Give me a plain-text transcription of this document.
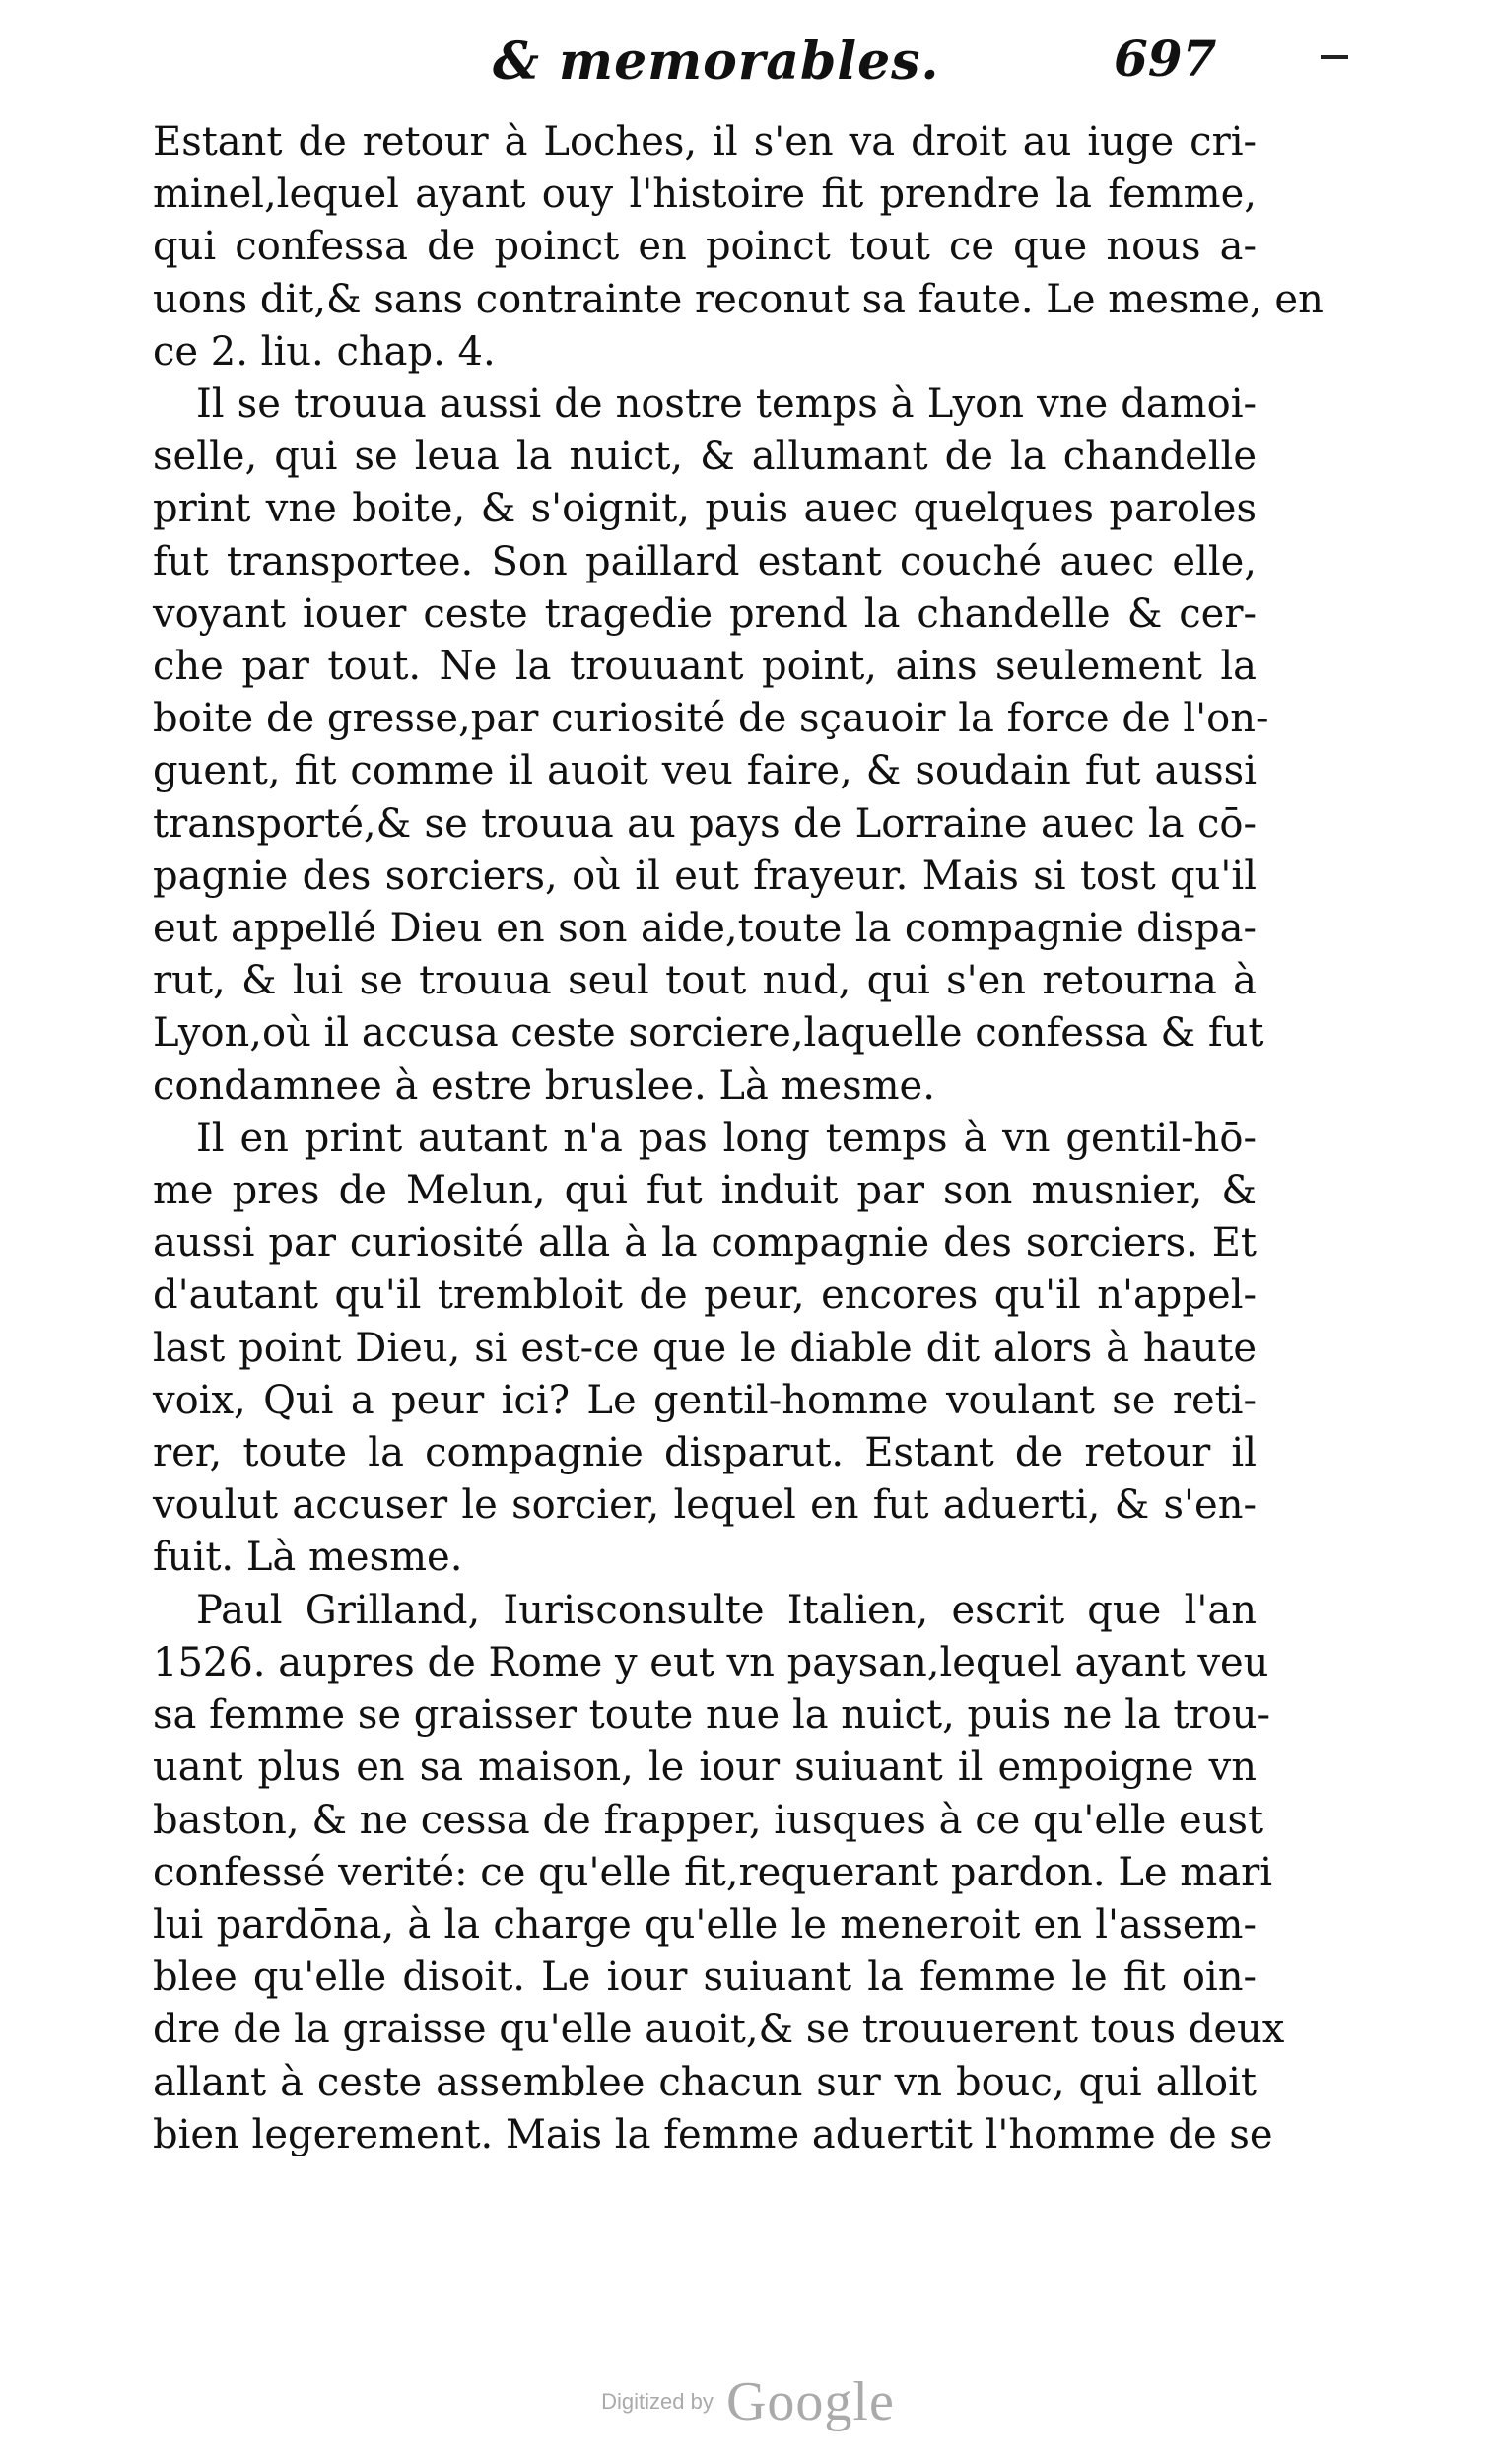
& memorables.	697
Estant de retour à Loches, il s'en va droit au iuge cri-
minel,lequel ayant ouy l'histoire fit prendre la femme,
qui confessa de poinct en poinct tout ce que nous a-
uons dit,& sans contrainte reconut sa faute. Le mesme, en
ce 2. liu. chap. 4.
Il se trouua aussi de nostre temps à Lyon vne damoi-
selle, qui se leua la nuict, & allumant de la chandelle
print vne boite, & s'oignit, puis auec quelques paroles
fut transportee. Son paillard estant couché auec elle,
voyant iouer ceste tragedie prend la chandelle & cer-
che par tout. Ne la trouuant point, ains seulement la
boite de gresse,par curiosité de sçauoir la force de l'on-
guent, fit comme il auoit veu faire, & soudain fut aussi
transporté,& se trouua au pays de Lorraine auec la cō-
pagnie des sorciers, où il eut frayeur. Mais si tost qu'il
eut appellé Dieu en son aide,toute la compagnie dispa-
rut, & lui se trouua seul tout nud, qui s'en retourna à
Lyon,où il accusa ceste sorciere,laquelle confessa & fut
condamnee à estre bruslee. Là mesme.
Il en print autant n'a pas long temps à vn gentil-hō-
me pres de Melun, qui fut induit par son musnier, &
aussi par curiosité alla à la compagnie des sorciers. Et
d'autant qu'il trembloit de peur, encores qu'il n'appel-
last point Dieu, si est-ce que le diable dit alors à haute
voix, Qui a peur ici? Le gentil-homme voulant se reti-
rer, toute la compagnie disparut. Estant de retour il
voulut accuser le sorcier, lequel en fut aduerti, & s'en-
fuit. Là mesme.
Paul Grilland, Iurisconsulte Italien, escrit que l'an
1526. aupres de Rome y eut vn paysan,lequel ayant veu
sa femme se graisser toute nue la nuict, puis ne la trou-
uant plus en sa maison, le iour suiuant il empoigne vn
baston, & ne cessa de frapper, iusques à ce qu'elle eust
confessé verité: ce qu'elle fit,requerant pardon. Le mari
lui pardōna, à la charge qu'elle le meneroit en l'assem-
blee qu'elle disoit. Le iour suiuant la femme le fit oin-
dre de la graisse qu'elle auoit,& se trouuerent tous deux
allant à ceste assemblee chacun sur vn bouc, qui alloit
bien legerement. Mais la femme aduertit l'homme de se
Digitized by Google
